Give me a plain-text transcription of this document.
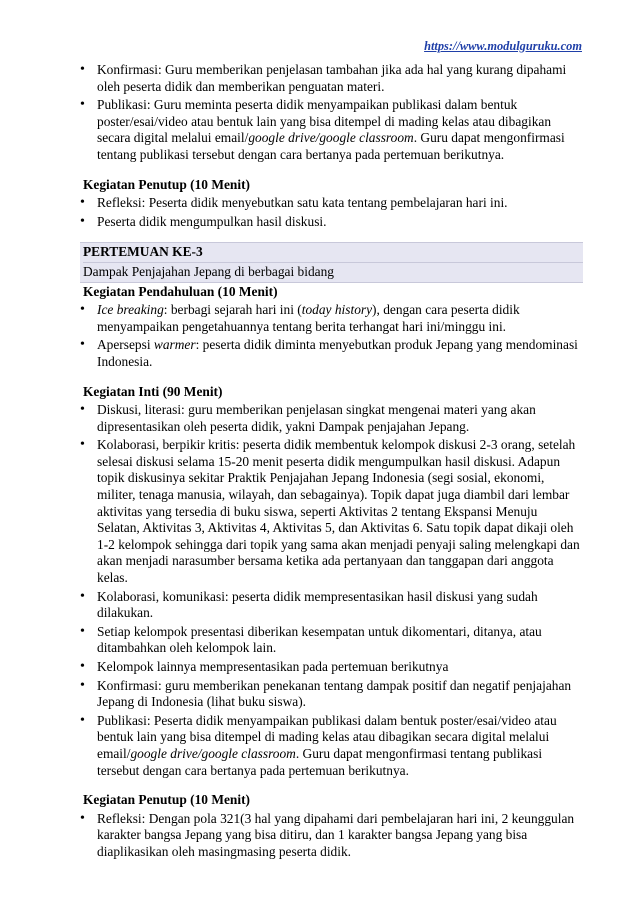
https://www.modulguruku.com
• Konfirmasi: Guru memberikan penjelasan tambahan jika ada hal yang kurang dipahami oleh peserta didik dan memberikan penguatan materi.
• Publikasi: Guru meminta peserta didik menyampaikan publikasi dalam bentuk poster/esai/video atau bentuk lain yang bisa ditempel di mading kelas atau dibagikan secara digital melalui email/google drive/google classroom. Guru dapat mengonfirmasi tentang publikasi tersebut dengan cara bertanya pada pertemuan berikutnya.
Kegiatan Penutup (10 Menit)
• Refleksi: Peserta didik menyebutkan satu kata tentang pembelajaran hari ini.
• Peserta didik mengumpulkan hasil diskusi.
PERTEMUAN KE-3
Dampak Penjajahan Jepang di berbagai bidang
Kegiatan Pendahuluan (10 Menit)
• Ice breaking: berbagi sejarah hari ini (today history), dengan cara peserta didik menyampaikan pengetahuannya tentang berita terhangat hari ini/minggu ini.
• Apersepsi warmer: peserta didik diminta menyebutkan produk Jepang yang mendominasi Indonesia.
Kegiatan Inti (90 Menit)
• Diskusi, literasi: guru memberikan penjelasan singkat mengenai materi yang akan dipresentasikan oleh peserta didik, yakni Dampak penjajahan Jepang.
• Kolaborasi, berpikir kritis: peserta didik membentuk kelompok diskusi 2-3 orang, setelah selesai diskusi selama 15-20 menit peserta didik mengumpulkan hasil diskusi. Adapun topik diskusinya sekitar Praktik Penjajahan Jepang Indonesia (segi sosial, ekonomi, militer, tenaga manusia, wilayah, dan sebagainya). Topik dapat juga diambil dari lembar aktivitas yang tersedia di buku siswa, seperti Aktivitas 2 tentang Ekspansi Menuju Selatan, Aktivitas 3, Aktivitas 4, Aktivitas 5, dan Aktivitas 6. Satu topik dapat dikaji oleh 1-2 kelompok sehingga dari topik yang sama akan menjadi penyaji saling melengkapi dan akan menjadi narasumber bersama ketika ada pertanyaan dan tanggapan dari anggota kelas.
• Kolaborasi, komunikasi: peserta didik mempresentasikan hasil diskusi yang sudah dilakukan.
• Setiap kelompok presentasi diberikan kesempatan untuk dikomentari, ditanya, atau ditambahkan oleh kelompok lain.
• Kelompok lainnya mempresentasikan pada pertemuan berikutnya
• Konfirmasi: guru memberikan penekanan tentang dampak positif dan negatif penjajahan Jepang di Indonesia (lihat buku siswa).
• Publikasi: Peserta didik menyampaikan publikasi dalam bentuk poster/esai/video atau bentuk lain yang bisa ditempel di mading kelas atau dibagikan secara digital melalui email/google drive/google classroom. Guru dapat mengonfirmasi tentang publikasi tersebut dengan cara bertanya pada pertemuan berikutnya.
Kegiatan Penutup (10 Menit)
• Refleksi: Dengan pola 321(3 hal yang dipahami dari pembelajaran hari ini, 2 keunggulan karakter bangsa Jepang yang bisa ditiru, dan 1 karakter bangsa Jepang yang bisa diaplikasikan oleh masingmasing peserta didik.
